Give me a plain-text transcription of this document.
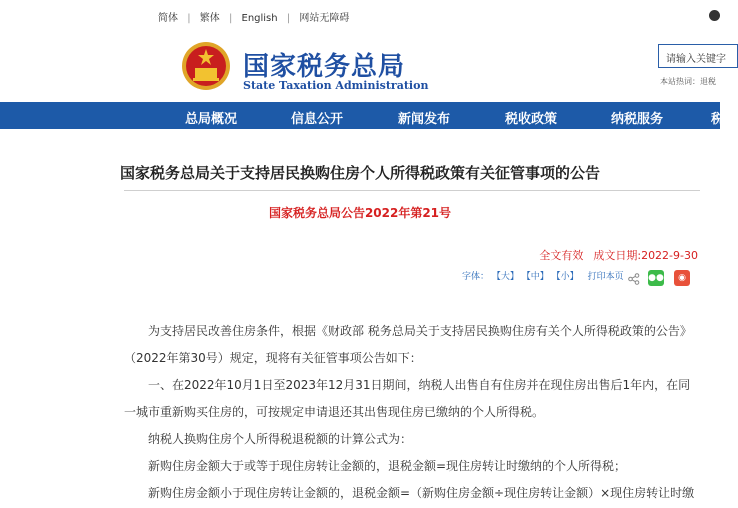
简体 | 繁体 | English | 网站无障碍
国家税务总局
State Taxation Administration
请输入关键字
本站热词：退税
总局概况	信息公开	新闻发布	税收政策	纳税服务	税
国家税务总局关于支持居民换购住房个人所得税政策有关征管事项的公告
国家税务总局公告2022年第21号
全文有效 成文日期:2022-9-30
字体： 【大】 【中】 【小】 打印本页	●●	◉

为支持居民改善住房条件，根据《财政部 税务总局关于支持居民换购住房有关个人所得税政策的公告》（2022年第30号）规定，现将有关征管事项公告如下：

一、在2022年10月1日至2023年12月31日期间，纳税人出售自有住房并在现住房出售后1年内，在同一城市重新购买住房的，可按规定申请退还其出售现住房已缴纳的个人所得税。

纳税人换购住房个人所得税退税额的计算公式为：

新购住房金额大于或等于现住房转让金额的，退税金额=现住房转让时缴纳的个人所得税；

新购住房金额小于现住房转让金额的，退税金额=（新购住房金额÷现住房转让金额）×现住房转让时缴
